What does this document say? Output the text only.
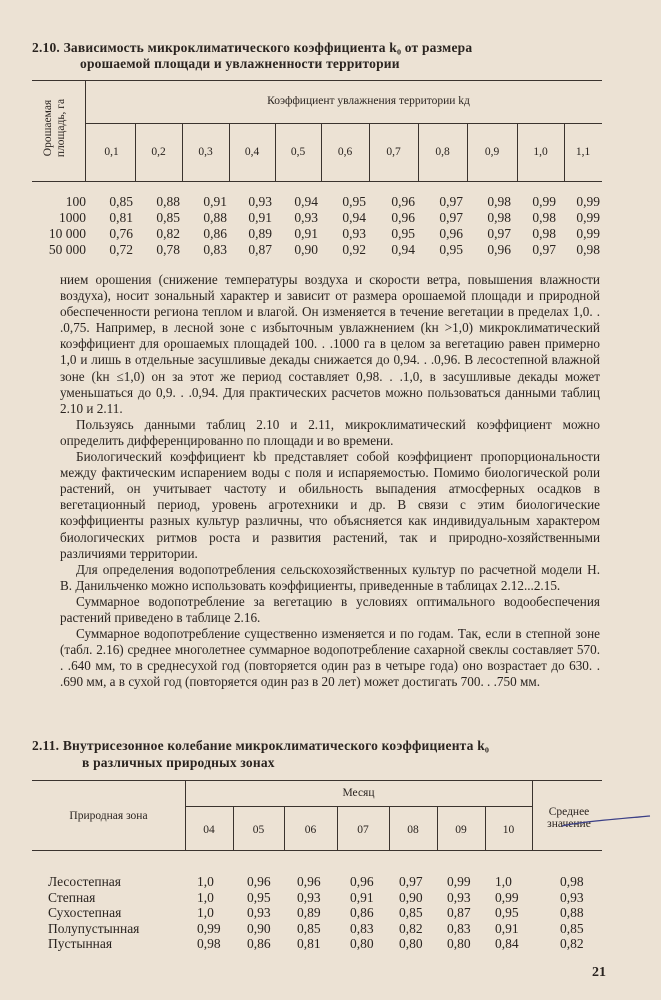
2.10. Зависимость микроклиматического коэффициента k₀ от размера
орошаемой площади и увлажненности территории
Орошаемая площадь, га	Коэффициент увлажнения территории kд
0,1	0,2	0,3	0,4	0,5	0,6	0,7	0,8	0,9	1,0	1,1
100	0,85	0,88	0,91	0,93	0,94	0,95	0,96	0,97	0,98	0,99	0,99
1000	0,81	0,85	0,88	0,91	0,93	0,94	0,96	0,97	0,98	0,98	0,99
10 000	0,76	0,82	0,86	0,89	0,91	0,93	0,95	0,96	0,97	0,98	0,99
50 000	0,72	0,78	0,83	0,87	0,90	0,92	0,94	0,95	0,96	0,97	0,98

нием орошения (снижение температуры воздуха и скорости ветра, повышения влажности воздуха), носит зональный характер и зависит от размера орошаемой площади и природной обеспеченности региона теплом и влагой. Он изменяется в течение вегетации в пределах 1,0. . .0,75. Например, в лесной зоне с избыточным увлажнением (kн >1,0) микроклиматический коэффициент для орошаемых площадей 100. . .1000 га в целом за вегетацию равен примерно 1,0 и лишь в отдельные засушливые декады снижается до 0,94. . .0,96. В лесостепной влажной зоне (kн ≤1,0) он за этот же период составляет 0,98. . .1,0, в засушливые декады может уменьшаться до 0,9. . .0,94. Для практических расчетов можно пользоваться данными таблиц 2.10 и 2.11.

Пользуясь данными таблиц 2.10 и 2.11, микроклиматический коэффициент можно определить дифференцированно по площади и во времени.

Биологический коэффициент kb представляет собой коэффициент пропорциональности между фактическим испарением воды с поля и испаряемостью. Помимо биологической роли растений, он учитывает частоту и обильность выпадения атмосферных осадков в вегетационный период, уровень агротехники и др. В связи с этим биологические коэффициенты разных культур различны, что объясняется как индивидуальным характером биологических ритмов роста и развития растений, так и природно-хозяйственными различиями территории.

Для определения водопотребления сельскохозяйственных культур по расчетной модели Н. В. Данильченко можно использовать коэффициенты, приведенные в таблицах 2.12...2.15.

Суммарное водопотребление за вегетацию в условиях оптимального водообеспечения растений приведено в таблице 2.16.

Суммарное водопотребление существенно изменяется и по годам. Так, если в степной зоне (табл. 2.16) среднее многолетнее суммарное водопотребление сахарной свеклы составляет 570. . .640 мм, то в среднесухой год (повторяется один раз в четыре года) оно возрастает до 630. . .690 мм, а в сухой год (повторяется один раз в 20 лет) может достигать 700. . .750 мм.

2.11. Внутрисезонное колебание микроклиматического коэффициента k₀
в различных природных зонах
Природная зона
Месяц
Среднее
значение
04	05	06	07	08	09	10
Лесостепная	1,0 0,96 0,96 0,96 0,97 0,99 1,0	0,98
Степная	1,0 0,95 0,93 0,91 0,90 0,93 0,99	0,93
Сухостепная	1,0 0,93 0,89 0,86 0,85 0,87 0,95	0,88
Полупустынная	0,99 0,90 0,85 0,83 0,82 0,83 0,91	0,85
Пустынная	0,98 0,86 0,81 0,80 0,80 0,80 0,84	0,82
21
